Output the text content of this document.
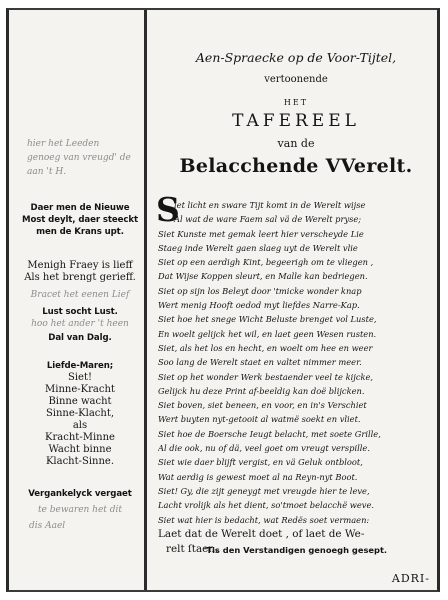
hier het Leeden
genoeg van vreugd' de
aan 't H.
Daer men de Nieuwe
Most deylt, daer steeckt
men de Krans upt.
Menigh Fraey is lieff
Als het brengt gerieff.
Bracet het eenen Lief
Lust socht Lust.
hoo het ander 't heen
Dal van Dalg.
Liefde-Maren;
Siet!
Minne-Kracht
Binne wacht
Sinne-Klacht,
als
Kracht-Minne
Wacht binne
Klacht-Sinne.
Vergankelyck vergaet
te bewaren het dit
dis Aael
Aen-Spraecke op de Voor-Tijtel,
vertoonende
HET
TAFEREEL
van de
Belacchende VVerelt.
S
iet licht en sware Tijt komt in de Werelt wijse
Al wat de ware Faem sal vä de Werelt pryse;
Siet Kunste met gemak leert hier verscheyde Lie
Staeg inde Werelt gaen slaeg uyt de Werelt vlie
Siet op een aerdigh Kint, begeerigh om te vliegen ,
Dat Wijse Koppen sleurt, en Malle kan bedriegen.
Siet op sijn los Beleyt door 'tmicke wonder knap
Wert menig Hooft oedod myt liefdes Narre-Kap.
Siet hoe het snege Wicht Beluste brenget vol Luste,
En woelt gelijck het wil, en laet geen Wesen rusten.
Siet, als het los en hecht, en woelt om hee en weer
Soo lang de Werelt staet en valtet nimmer meer.
Siet op het wonder Werk bestaender veel te kijcke,
Gelijck hu deze Print af-beeldig kan doë blijcken.
Siet boven, siet beneen, en voor, en in's Verschiet
Wert buyten nyt-getooit al watmë soekt en vliet.
Siet hoe de Boersche Ieugt belacht, met soete Grille,
Al die ook, nu of dä, veel goet om vreugt verspille.
Siet wie daer blijft vergist, en vä Geluk ontbloot,
Wat aerdig is gewest moet al na Reyn-nyt Boot.
Siet! Gy, die zijt geneygt met vreugde hier te leve,
Lacht vrolijk als het dient, so'tmoet belacchë weve.
Siet wat hier is bedacht, wat Redës soet vermaen:
Laet dat de Werelt doet , of laet de We-
relt ſtaen.
'Tis den Verstandigen genoegh gesept.
ADRI-
